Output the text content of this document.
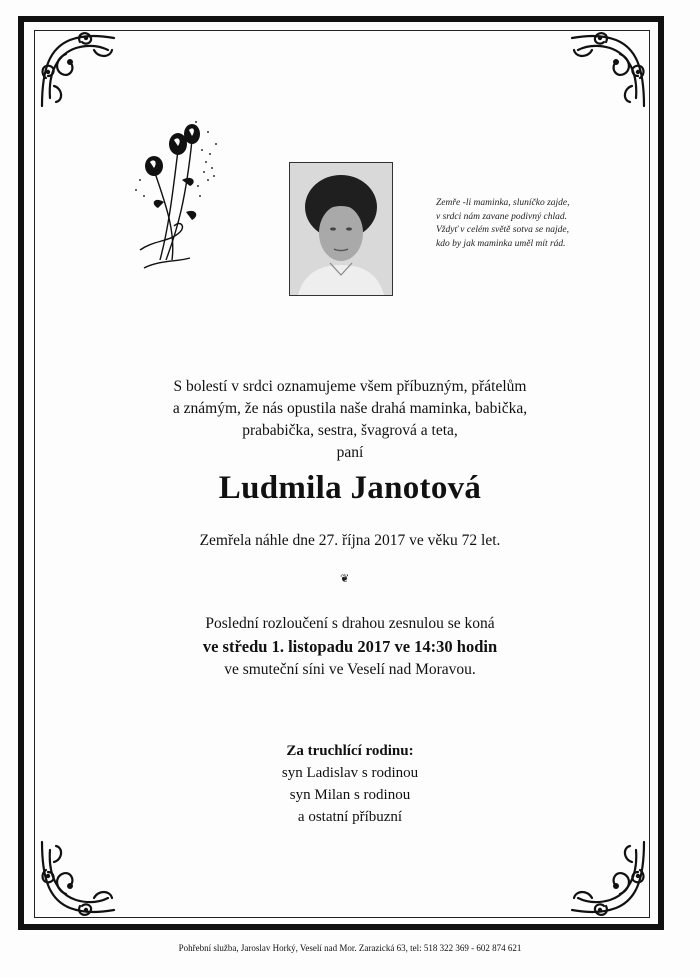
Zemře -li maminka, sluníčko zajde,
v srdci nám zavane podivný chlad.
Vždyť v celém světě sotva se najde,
kdo by jak maminka uměl mít rád.
S bolestí v srdci oznamujeme všem příbuzným, přátelům
a známým, že nás opustila naše drahá maminka, babička,
prababička, sestra, švagrová a teta,
paní
Ludmila Janotová
Zemřela náhle dne 27. října 2017 ve věku 72 let.
❦
Poslední rozloučení s drahou zesnulou se koná
ve středu 1. listopadu 2017 ve 14:30 hodin
ve smuteční síni ve Veselí nad Moravou.
Za truchlící rodinu:
syn Ladislav s rodinou
syn Milan s rodinou
a ostatní příbuzní
Pohřební služba, Jaroslav Horký, Veselí nad Mor. Zarazická 63, tel: 518 322 369 - 602 874 621
